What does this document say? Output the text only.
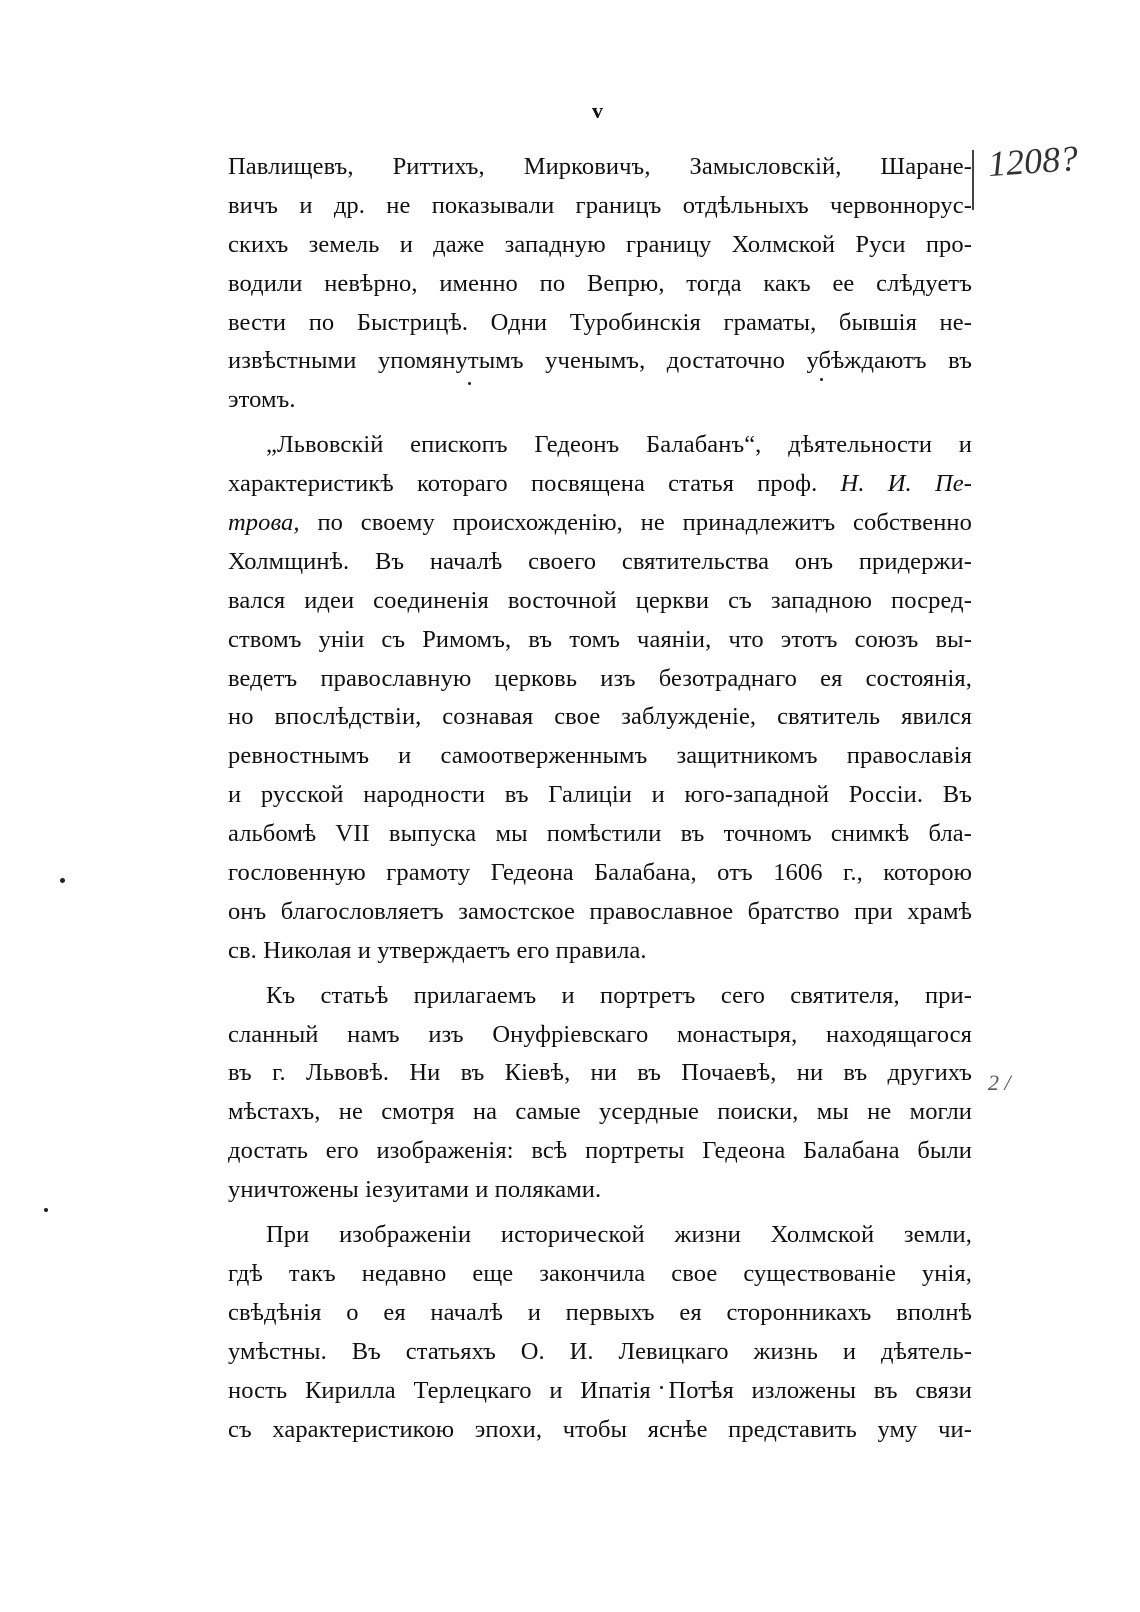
v
1208?
2 /
Павлищевъ, Риттихъ, Мирковичъ, Замысловскій, Шаране-
вичъ и др. не показывали границъ отдѣльныхъ червоннорус-
скихъ земель и даже западную границу Холмской Руси про-
водили невѣрно, именно по Вепрю, тогда какъ ее слѣдуетъ
вести по Быстрицѣ. Одни Туробинскія граматы, бывшія не-
извѣстными упомянутымъ ученымъ, достаточно убѣждаютъ въ
этомъ.
„Львовскій епископъ Гедеонъ Балабанъ“, дѣятельности и
характеристикѣ котораго посвящена статья проф. Н. И. Пе-
трова, по своему происхожденію, не принадлежитъ собственно
Холмщинѣ. Въ началѣ своего святительства онъ придержи-
вался идеи соединенія восточной церкви съ западною посред-
ствомъ уніи съ Римомъ, въ томъ чаяніи, что этотъ союзъ вы-
ведетъ православную церковь изъ безотраднаго ея состоянія,
но впослѣдствіи, сознавая свое заблужденіе, святитель явился
ревностнымъ и самоотверженнымъ защитникомъ православія
и русской народности въ Галиціи и юго-западной Россіи. Въ
альбомѣ VII выпуска мы помѣстили въ точномъ снимкѣ бла-
гословенную грамоту Гедеона Балабана, отъ 1606 г., которою
онъ благословляетъ замостское православное братство при храмѣ
св. Николая и утверждаетъ его правила.
Къ статьѣ прилагаемъ и портретъ сего святителя, при-
сланный намъ изъ Онуфріевскаго монастыря, находящагося
въ г. Львовѣ. Ни въ Кіевѣ, ни въ Почаевѣ, ни въ другихъ
мѣстахъ, не смотря на самые усердные поиски, мы не могли
достать его изображенія: всѣ портреты Гедеона Балабана были
уничтожены іезуитами и поляками.
При изображеніи исторической жизни Холмской земли,
гдѣ такъ недавно еще закончила свое существованіе унія,
свѣдѣнія о ея началѣ и первыхъ ея сторонникахъ вполнѣ
умѣстны. Въ статьяхъ О. И. Левицкаго жизнь и дѣятель-
ность Кирилла Терлецкаго и Ипатія Потѣя изложены въ связи
съ характеристикою эпохи, чтобы яснѣе представить уму чи-
